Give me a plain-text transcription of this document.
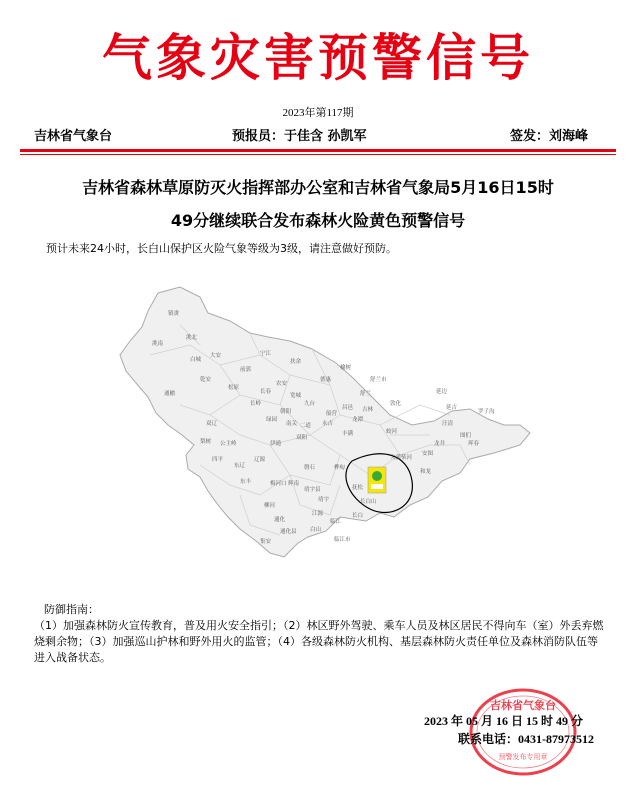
气象灾害预警信号
2023年第117期
吉林省气象台	预报员：于佳含 孙凯军	签发：刘海峰
吉林省森林草原防灭火指挥部办公室和吉林省气象局5月16日15时
49分继续联合发布森林火险黄色预警信号
预计未来24小时，长白山保护区火险气象等级为3级，请注意做好预防。
镇赉
洮南
洮北
大安
乾安
前郭
扶余
宁江
长岭
通榆
双辽
公主岭
梨树	伊通
双阳
九台
德惠
农安
榆树
舒兰
蛟河
桦甸
磐石
辉南
柳河
梅河口
东丰
东辽
辽源
通化
集安
靖宇
抚松
临江
江源	长白
安图
敦化
汪清
珲春
图们
龙井
和龙
延吉
永吉
丰满
昌邑
船营
龙潭
朝阳
宽城
南关 二道
绿园
长春
吉林
白山
白城
松原
四平
延边
通化县
临江市
长白山
舒兰市
罗子沟
大蒲柴河
靖宇县
防御指南：
（1）加强森林防火宣传教育，普及用火安全指引；（2）林区野外驾驶、乘车人员及林区居民不得向车（室）外丢弃燃烧剩余物；（3）加强巡山护林和野外用火的监管；（4）各级森林防火机构、基层森林防火责任单位及森林消防队伍等进入战备状态。
吉林省气象台
预警发布专用章
2023 年 05 月 16 日 15 时 49 分
联系电话：0431-87973512
